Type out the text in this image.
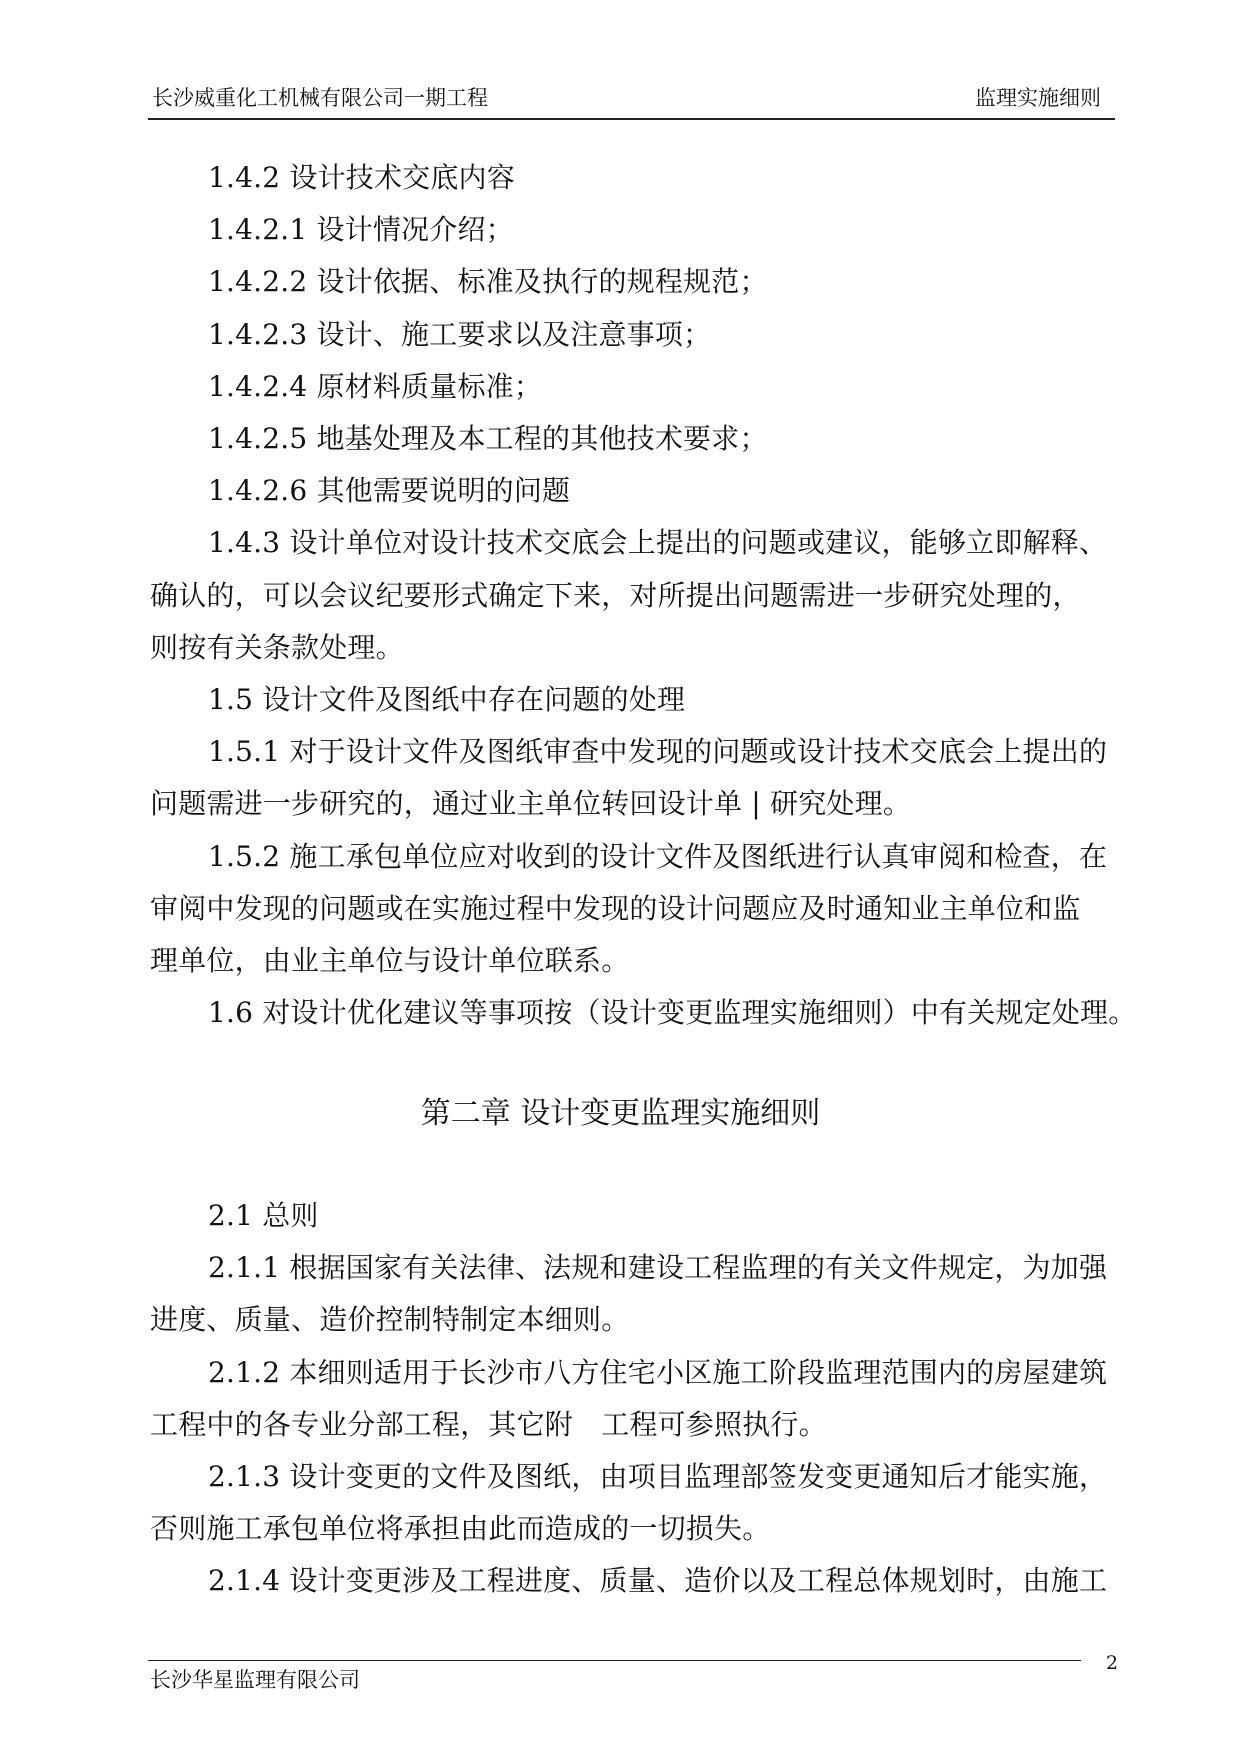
长沙威重化工机械有限公司一期工程	监理实施细则

1.4.2 设计技术交底内容

1.4.2.1 设计情况介绍；

1.4.2.2 设计依据、标准及执行的规程规范；

1.4.2.3 设计、施工要求以及注意事项；

1.4.2.4 原材料质量标准；

1.4.2.5 地基处理及本工程的其他技术要求；

1.4.2.6 其他需要说明的问题

1.4.3 设计单位对设计技术交底会上提出的问题或建议，能够立即解释、

确认的，可以会议纪要形式确定下来，对所提出问题需进一步研究处理的，

则按有关条款处理。

1.5 设计文件及图纸中存在问题的处理

1.5.1 对于设计文件及图纸审查中发现的问题或设计技术交底会上提出的

问题需进一步研究的，通过业主单位转回设计单 | 研究处理。

1.5.2 施工承包单位应对收到的设计文件及图纸进行认真审阅和检查，在

审阅中发现的问题或在实施过程中发现的设计问题应及时通知业主单位和监

理单位，由业主单位与设计单位联系。

1.6 对设计优化建议等事项按（设计变更监理实施细则）中有关规定处理。

第二章 设计变更监理实施细则

2.1 总则

2.1.1 根据国家有关法律、法规和建设工程监理的有关文件规定，为加强

进度、质量、造价控制特制定本细则。

2.1.2 本细则适用于长沙市八方住宅小区施工阶段监理范围内的房屋建筑

工程中的各专业分部工程，其它附　工程可参照执行。

2.1.3 设计变更的文件及图纸，由项目监理部签发变更通知后才能实施，

否则施工承包单位将承担由此而造成的一切损失。

2.1.4 设计变更涉及工程进度、质量、造价以及工程总体规划时，由施工

长沙华星监理有限公司
2
